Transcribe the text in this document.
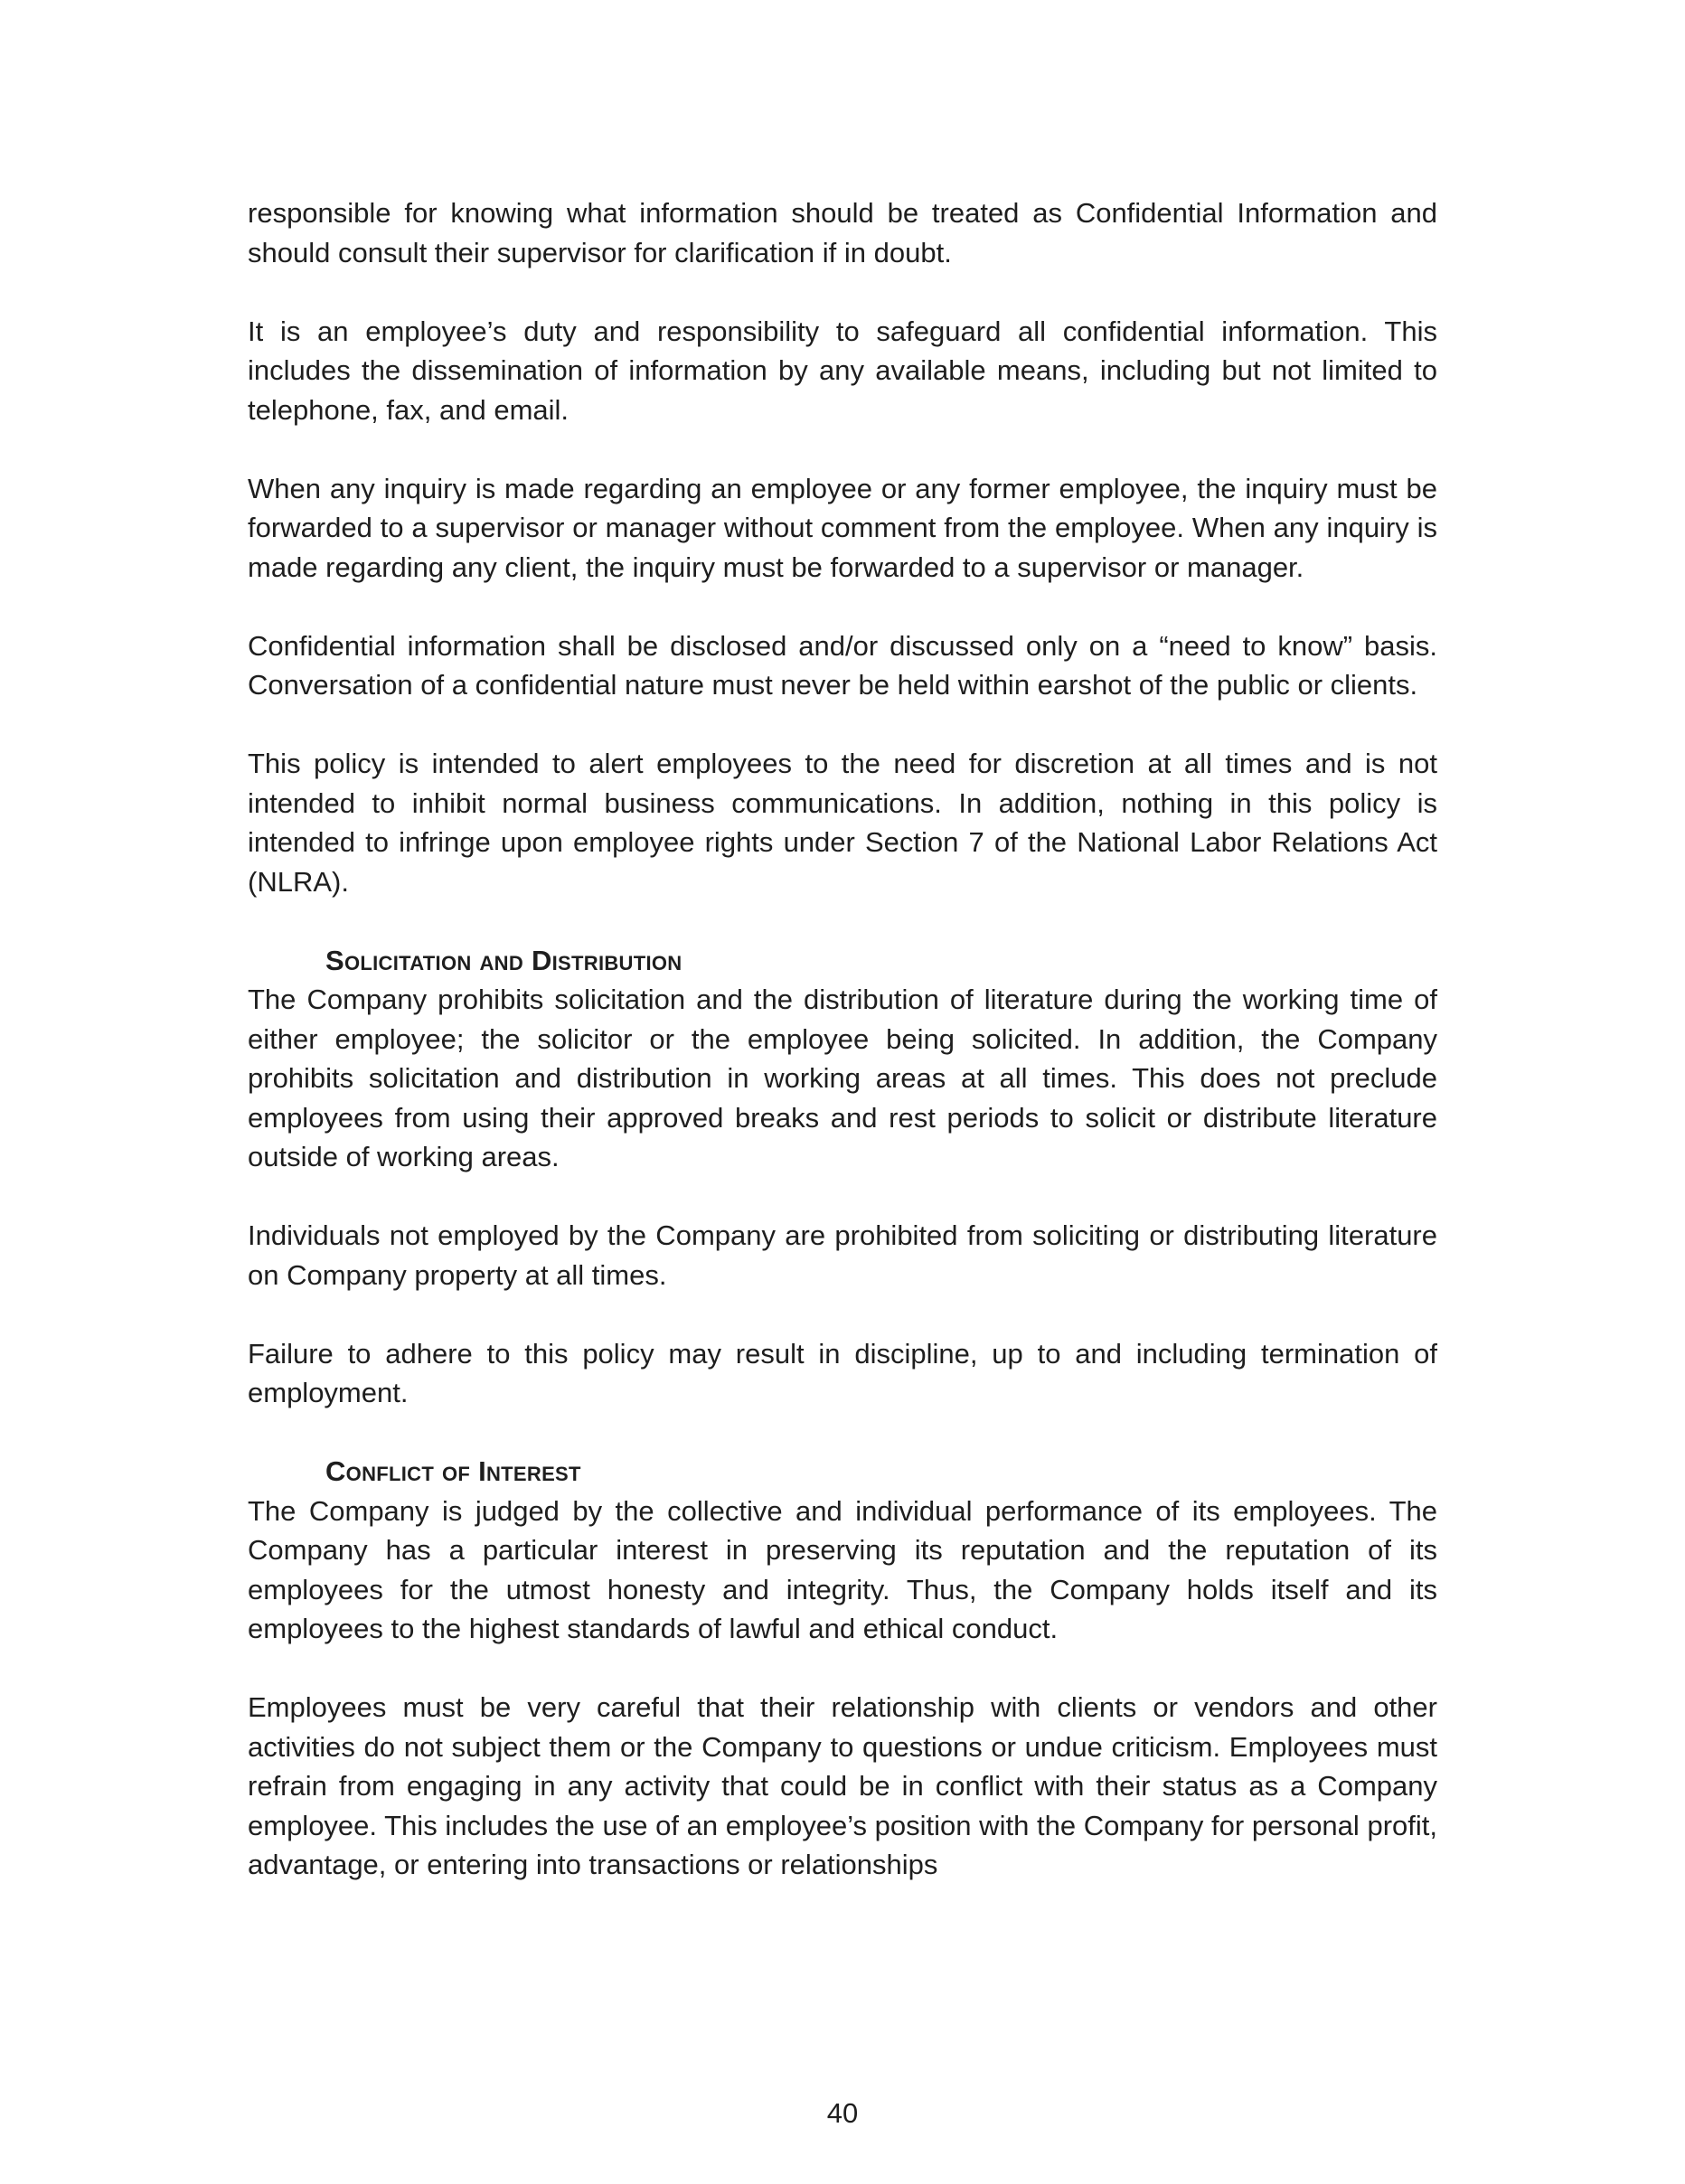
responsible for knowing what information should be treated as Confidential Information and should consult their supervisor for clarification if in doubt.

It is an employee’s duty and responsibility to safeguard all confidential information. This includes the dissemination of information by any available means, including but not limited to telephone, fax, and email.

When any inquiry is made regarding an employee or any former employee, the inquiry must be forwarded to a supervisor or manager without comment from the employee. When any inquiry is made regarding any client, the inquiry must be forwarded to a supervisor or manager.

Confidential information shall be disclosed and/or discussed only on a “need to know” basis. Conversation of a confidential nature must never be held within earshot of the public or clients.

This policy is intended to alert employees to the need for discretion at all times and is not intended to inhibit normal business communications. In addition, nothing in this policy is intended to infringe upon employee rights under Section 7 of the National Labor Relations Act (NLRA).

Solicitation and Distribution

The Company prohibits solicitation and the distribution of literature during the working time of either employee; the solicitor or the employee being solicited. In addition, the Company prohibits solicitation and distribution in working areas at all times. This does not preclude employees from using their approved breaks and rest periods to solicit or distribute literature outside of working areas.

Individuals not employed by the Company are prohibited from soliciting or distributing literature on Company property at all times.

Failure to adhere to this policy may result in discipline, up to and including termination of employment.

Conflict of Interest

The Company is judged by the collective and individual performance of its employees. The Company has a particular interest in preserving its reputation and the reputation of its employees for the utmost honesty and integrity. Thus, the Company holds itself and its employees to the highest standards of lawful and ethical conduct.

Employees must be very careful that their relationship with clients or vendors and other activities do not subject them or the Company to questions or undue criticism. Employees must refrain from engaging in any activity that could be in conflict with their status as a Company employee. This includes the use of an employee’s position with the Company for personal profit, advantage, or entering into transactions or relationships

40
